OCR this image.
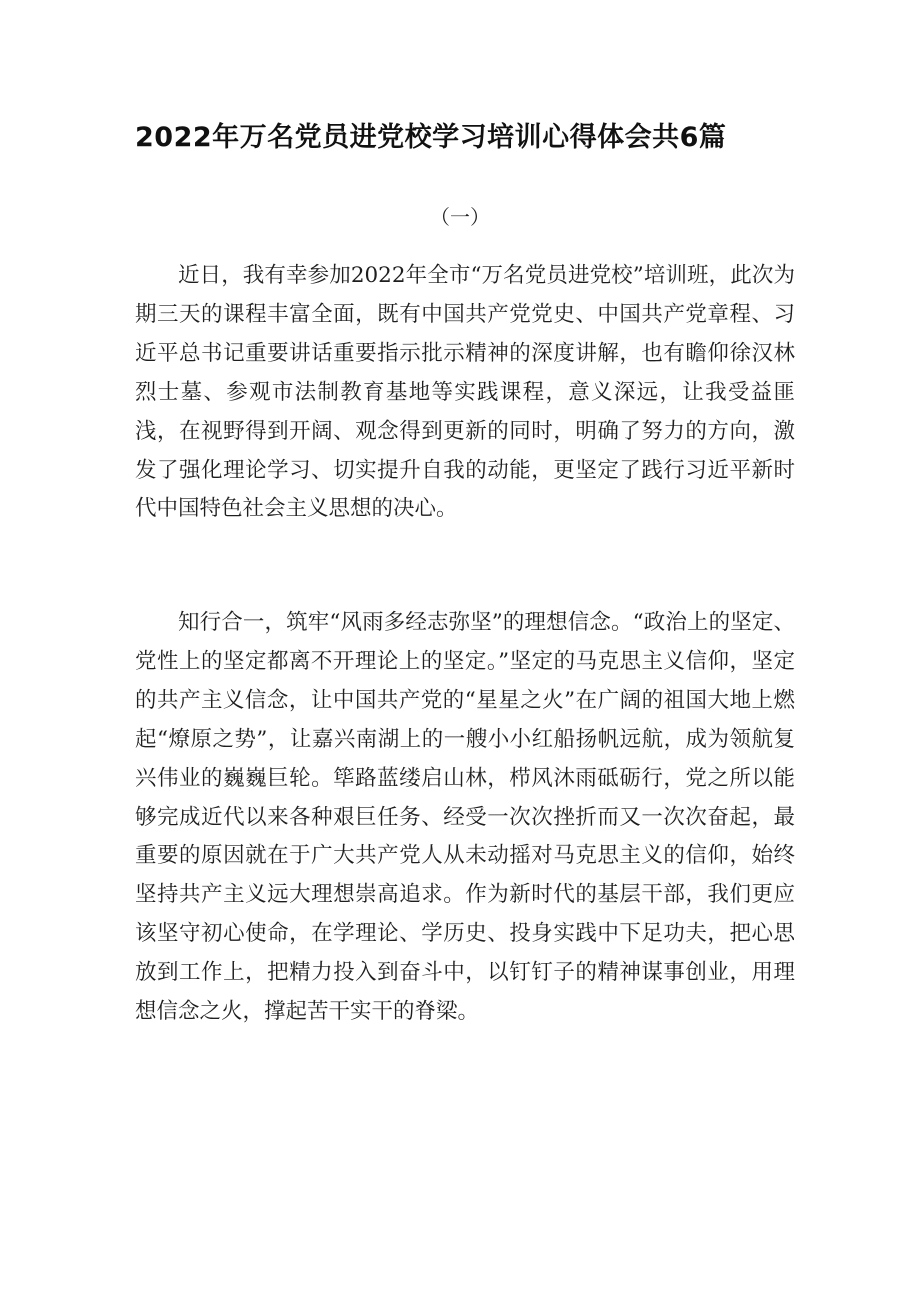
2022年万名党员进党校学习培训心得体会共6篇
（一）

近日，我有幸参加2022年全市“万名党员进党校”培训班，此次为期三天的课程丰富全面，既有中国共产党党史、中国共产党章程、习近平总书记重要讲话重要指示批示精神的深度讲解，也有瞻仰徐汉林烈士墓、参观市法制教育基地等实践课程，意义深远，让我受益匪浅，在视野得到开阔、观念得到更新的同时，明确了努力的方向，激发了强化理论学习、切实提升自我的动能，更坚定了践行习近平新时代中国特色社会主义思想的决心。

知行合一，筑牢“风雨多经志弥坚”的理想信念。“政治上的坚定、党性上的坚定都离不开理论上的坚定。”坚定的马克思主义信仰，坚定的共产主义信念，让中国共产党的“星星之火”在广阔的祖国大地上燃起“燎原之势”，让嘉兴南湖上的一艘小小红船扬帆远航，成为领航复兴伟业的巍巍巨轮。筚路蓝缕启山林，栉风沐雨砥砺行，党之所以能够完成近代以来各种艰巨任务、经受一次次挫折而又一次次奋起，最重要的原因就在于广大共产党人从未动摇对马克思主义的信仰，始终坚持共产主义远大理想崇高追求。作为新时代的基层干部，我们更应该坚守初心使命，在学理论、学历史、投身实践中下足功夫，把心思放到工作上，把精力投入到奋斗中，以钉钉子的精神谋事创业，用理想信念之火，撑起苦干实干的脊梁。
